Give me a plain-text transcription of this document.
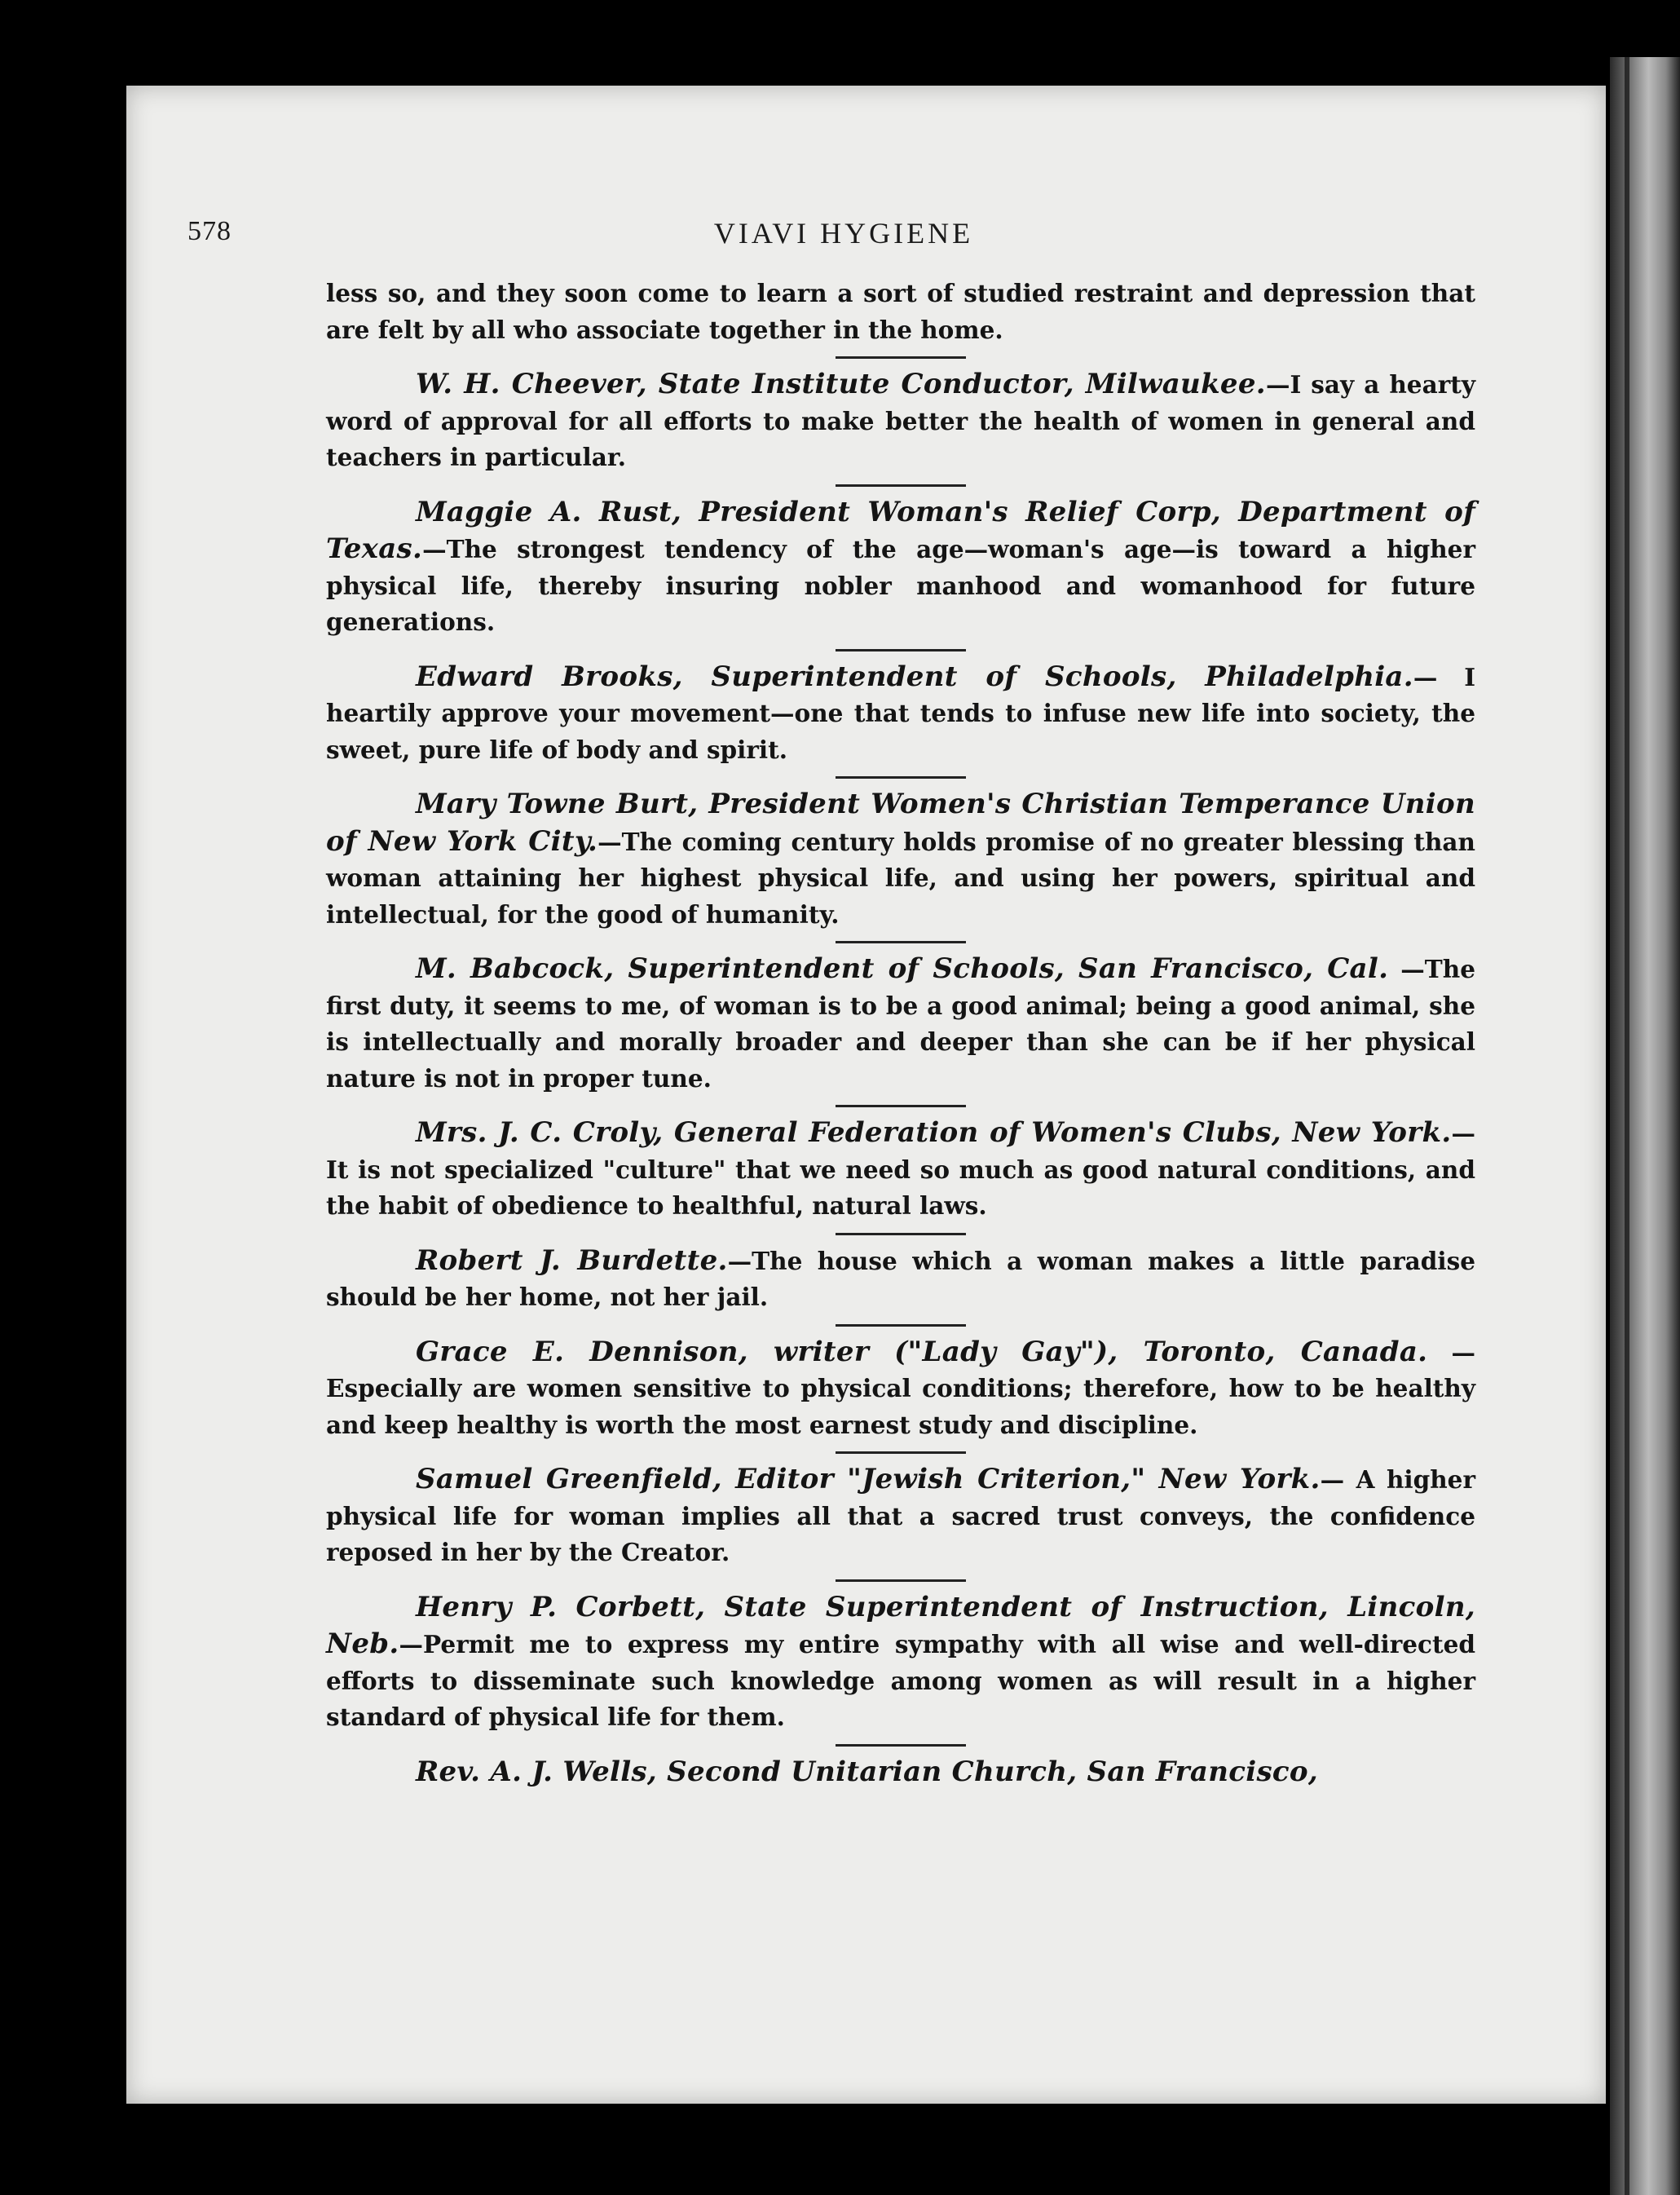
578	VIAVI HYGIENE
less so, and they soon come to learn a sort of studied restraint and depression that are felt by all who associate together in the home.
W. H. Cheever, State Institute Conductor, Milwaukee.—I say a hearty word of approval for all efforts to make better the health of women in general and teachers in particular.
Maggie A. Rust, President Woman's Relief Corp, Department of Texas.—The strongest tendency of the age—woman's age—is toward a higher physical life, thereby insuring nobler manhood and womanhood for future generations.
Edward Brooks, Superintendent of Schools, Philadelphia.— I heartily approve your movement—one that tends to infuse new life into society, the sweet, pure life of body and spirit.
Mary Towne Burt, President Women's Christian Temperance Union of New York City.—The coming century holds promise of no greater blessing than woman attaining her highest physical life, and using her powers, spiritual and intellectual, for the good of humanity.
M. Babcock, Superintendent of Schools, San Francisco, Cal. —The first duty, it seems to me, of woman is to be a good animal; being a good animal, she is intellectually and morally broader and deeper than she can be if her physical nature is not in proper tune.
Mrs. J. C. Croly, General Federation of Women's Clubs, New York.—It is not specialized "culture" that we need so much as good natural conditions, and the habit of obedience to healthful, natural laws.
Robert J. Burdette.—The house which a woman makes a little paradise should be her home, not her jail.
Grace E. Dennison, writer ("Lady Gay"), Toronto, Canada. —Especially are women sensitive to physical conditions; therefore, how to be healthy and keep healthy is worth the most earnest study and discipline.
Samuel Greenfield, Editor "Jewish Criterion," New York.— A higher physical life for woman implies all that a sacred trust conveys, the confidence reposed in her by the Creator.
Henry P. Corbett, State Superintendent of Instruction, Lincoln, Neb.—Permit me to express my entire sympathy with all wise and well-directed efforts to disseminate such knowledge among women as will result in a higher standard of physical life for them.
Rev. A. J. Wells, Second Unitarian Church, San Francisco,
